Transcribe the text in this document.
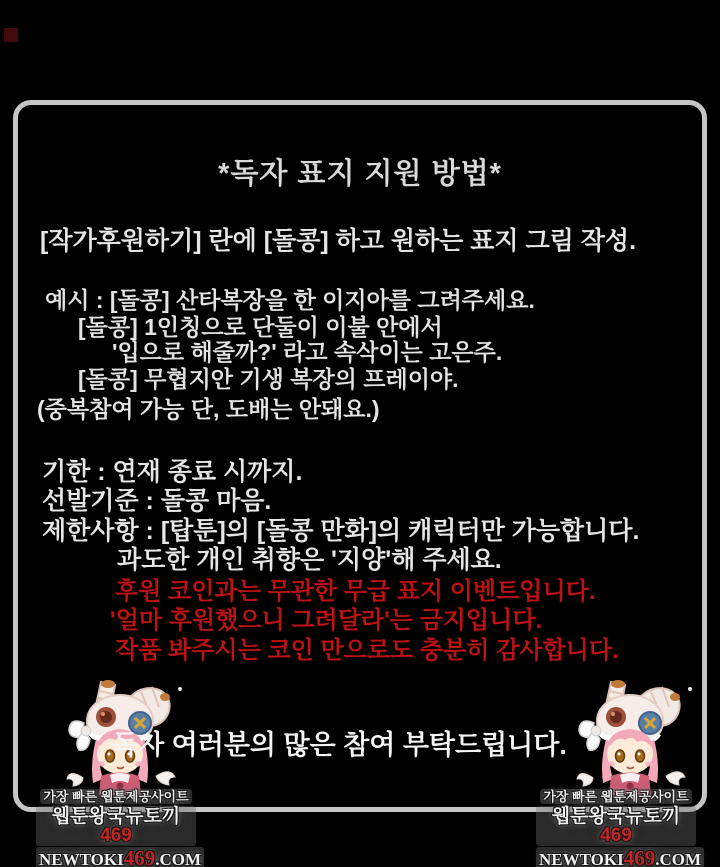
*독자 표지 지원 방법*
[작가후원하기] 란에 [돌콩] 하고 원하는 표지 그림 작성.
예시 : [돌콩] 산타복장을 한 이지아를 그려주세요.
[돌콩] 1인칭으로 단둘이 이불 안에서
'입으로 해줄까?' 라고 속삭이는 고은주.
[돌콩] 무협지안 기생 복장의 프레이야.
(중복참여 가능 단, 도배는 안돼요.)
기한 : 연재 종료 시까지.
선발기준 : 돌콩 마음.
제한사항 : [탑툰]의 [돌콩 만화]의 캐릭터만 가능합니다.
과도한 개인 취향은 '지양'해 주세요.
후원 코인과는 무관한 무급 표지 이벤트입니다.
'얼마 후원했으니 그려달라'는 금지입니다.
작품 봐주시는 코인 만으로도 충분히 감사합니다.
독자 여러분의 많은 참여 부탁드립니다.
가장 빠른 웹툰제공사이트
웹툰왕국뉴토끼469
NEWTOKI469.COM
가장 빠른 웹툰제공사이트
웹툰왕국뉴토끼469
NEWTOKI469.COM
